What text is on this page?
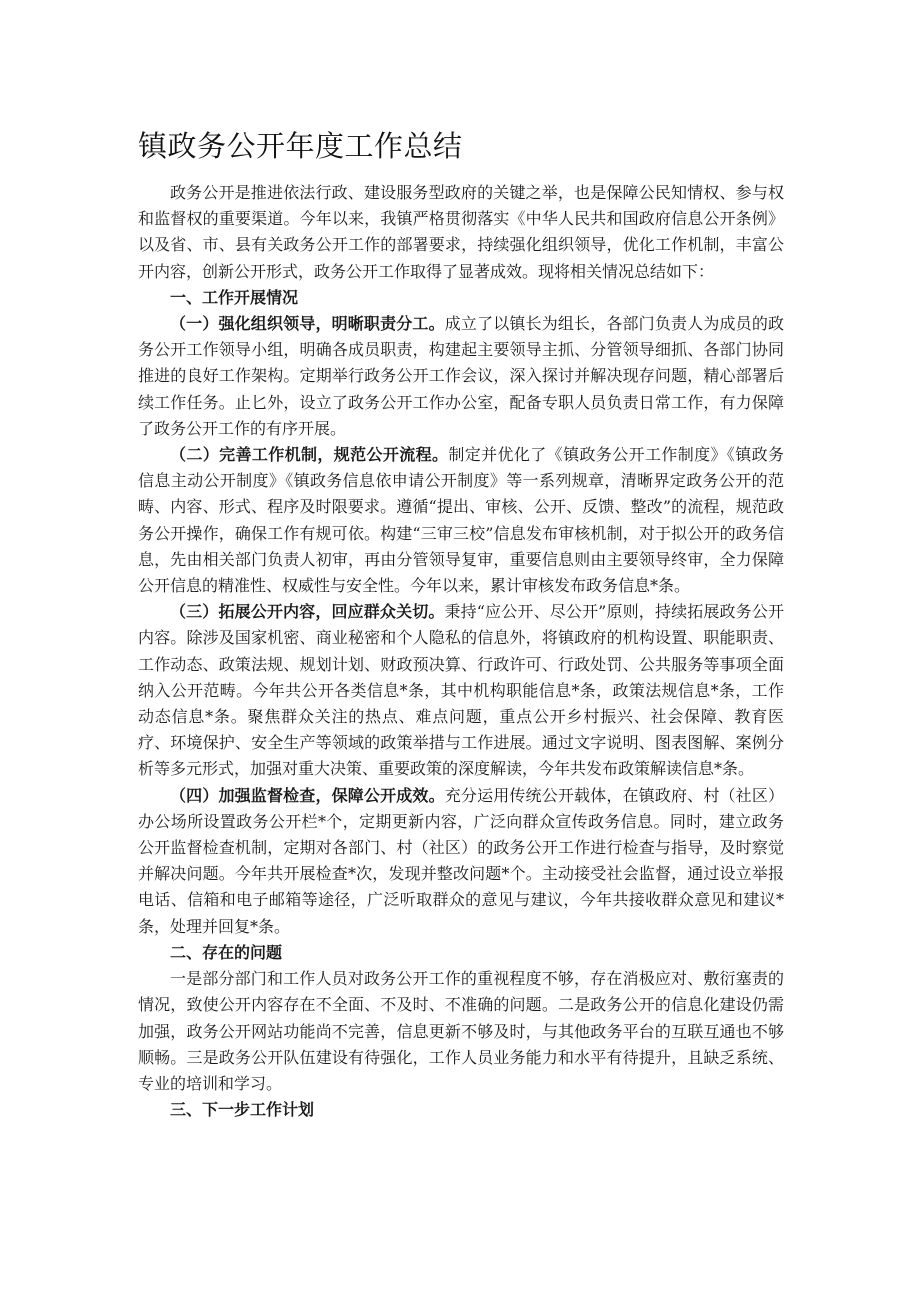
镇政务公开年度工作总结

政务公开是推进依法行政、建设服务型政府的关键之举，也是保障公民知情权、参与权和监督权的重要渠道。今年以来，我镇严格贯彻落实《中华人民共和国政府信息公开条例》以及省、市、县有关政务公开工作的部署要求，持续强化组织领导，优化工作机制，丰富公开内容，创新公开形式，政务公开工作取得了显著成效。现将相关情况总结如下：

一、工作开展情况

（一）强化组织领导，明晰职责分工。成立了以镇长为组长，各部门负责人为成员的政务公开工作领导小组，明确各成员职责，构建起主要领导主抓、分管领导细抓、各部门协同推进的良好工作架构。定期举行政务公开工作会议，深入探讨并解决现存问题，精心部署后续工作任务。止匕外，设立了政务公开工作办公室，配备专职人员负责日常工作，有力保障了政务公开工作的有序开展。

（二）完善工作机制，规范公开流程。制定并优化了《镇政务公开工作制度》《镇政务信息主动公开制度》《镇政务信息依申请公开制度》等一系列规章，清晰界定政务公开的范畴、内容、形式、程序及时限要求。遵循“提出、审核、公开、反馈、整改”的流程，规范政务公开操作，确保工作有规可依。构建“三审三校”信息发布审核机制，对于拟公开的政务信息，先由相关部门负责人初审，再由分管领导复审，重要信息则由主要领导终审，全力保障公开信息的精准性、权威性与安全性。今年以来，累计审核发布政务信息*条。

（三）拓展公开内容，回应群众关切。秉持“应公开、尽公开”原则，持续拓展政务公开内容。除涉及国家机密、商业秘密和个人隐私的信息外，将镇政府的机构设置、职能职责、工作动态、政策法规、规划计划、财政预决算、行政许可、行政处罚、公共服务等事项全面纳入公开范畴。今年共公开各类信息*条，其中机构职能信息*条，政策法规信息*条，工作动态信息*条。聚焦群众关注的热点、难点问题，重点公开乡村振兴、社会保障、教育医疗、环境保护、安全生产等领域的政策举措与工作进展。通过文字说明、图表图解、案例分析等多元形式，加强对重大决策、重要政策的深度解读，今年共发布政策解读信息*条。

（四）加强监督检查，保障公开成效。充分运用传统公开载体，在镇政府、村（社区）办公场所设置政务公开栏*个，定期更新内容，广泛向群众宣传政务信息。同时，建立政务公开监督检查机制，定期对各部门、村（社区）的政务公开工作进行检查与指导，及时察觉并解决问题。今年共开展检查*次，发现并整改问题*个。主动接受社会监督，通过设立举报电话、信箱和电子邮箱等途径，广泛听取群众的意见与建议，今年共接收群众意见和建议*条，处理并回复*条。

二、存在的问题

一是部分部门和工作人员对政务公开工作的重视程度不够，存在消极应对、敷衍塞责的情况，致使公开内容存在不全面、不及时、不准确的问题。二是政务公开的信息化建设仍需加强，政务公开网站功能尚不完善，信息更新不够及时，与其他政务平台的互联互通也不够顺畅。三是政务公开队伍建设有待强化，工作人员业务能力和水平有待提升，且缺乏系统、专业的培训和学习。

三、下一步工作计划
